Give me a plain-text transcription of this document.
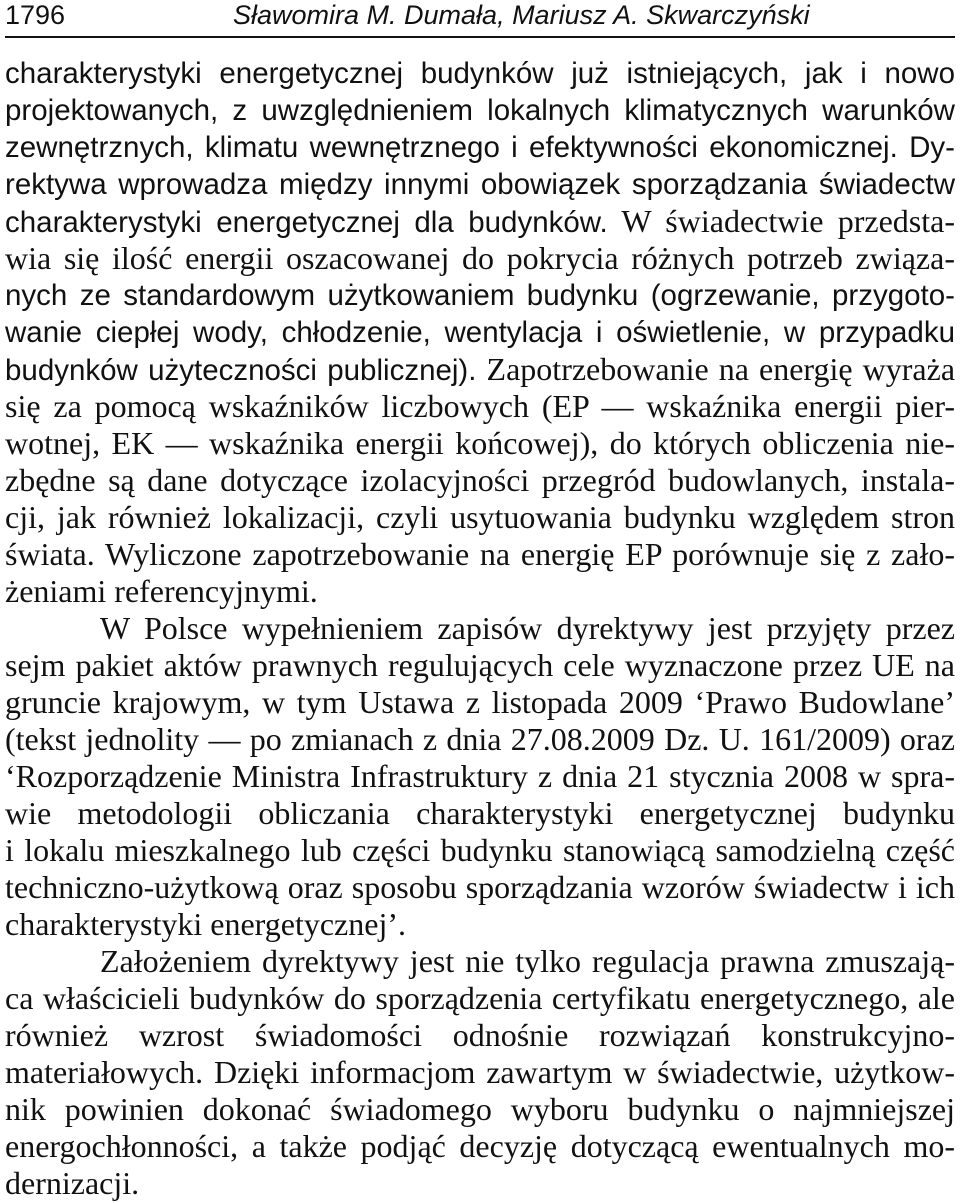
1796	Sławomira M. Dumała, Mariusz A. Skwarczyński
charakterystyki energetycznej budynków już istniejących, jak i nowo
projektowanych, z uwzględnieniem lokalnych klimatycznych warunków
zewnętrznych, klimatu wewnętrznego i efektywności ekonomicznej. Dy-
rektywa wprowadza między innymi obowiązek sporządzania świadectw
charakterystyki energetycznej dla budynków. W świadectwie przedsta-
wia się ilość energii oszacowanej do pokrycia różnych potrzeb związa-
nych ze standardowym użytkowaniem budynku (ogrzewanie, przygoto-
wanie ciepłej wody, chłodzenie, wentylacja i oświetlenie, w przypadku
budynków użyteczności publicznej). Zapotrzebowanie na energię wyraża
się za pomocą wskaźników liczbowych (EP — wskaźnika energii pier-
wotnej, EK — wskaźnika energii końcowej), do których obliczenia nie-
zbędne są dane dotyczące izolacyjności przegród budowlanych, instala-
cji, jak również lokalizacji, czyli usytuowania budynku względem stron
świata. Wyliczone zapotrzebowanie na energię EP porównuje się z zało-
żeniami referencyjnymi.
W Polsce wypełnieniem zapisów dyrektywy jest przyjęty przez
sejm pakiet aktów prawnych regulujących cele wyznaczone przez UE na
gruncie krajowym, w tym Ustawa z listopada 2009 ‘Prawo Budowlane’
(tekst jednolity — po zmianach z dnia 27.08.2009 Dz. U. 161/2009) oraz
‘Rozporządzenie Ministra Infrastruktury z dnia 21 stycznia 2008 w spra-
wie metodologii obliczania charakterystyki energetycznej budynku
i lokalu mieszkalnego lub części budynku stanowiącą samodzielną część
techniczno-użytkową oraz sposobu sporządzania wzorów świadectw i ich
charakterystyki energetycznej’.
Założeniem dyrektywy jest nie tylko regulacja prawna zmuszają-
ca właścicieli budynków do sporządzenia certyfikatu energetycznego, ale
również wzrost świadomości odnośnie rozwiązań konstrukcyjno-
materiałowych. Dzięki informacjom zawartym w świadectwie, użytkow-
nik powinien dokonać świadomego wyboru budynku o najmniejszej
energochłonności, a także podjąć decyzję dotyczącą ewentualnych mo-
dernizacji.
